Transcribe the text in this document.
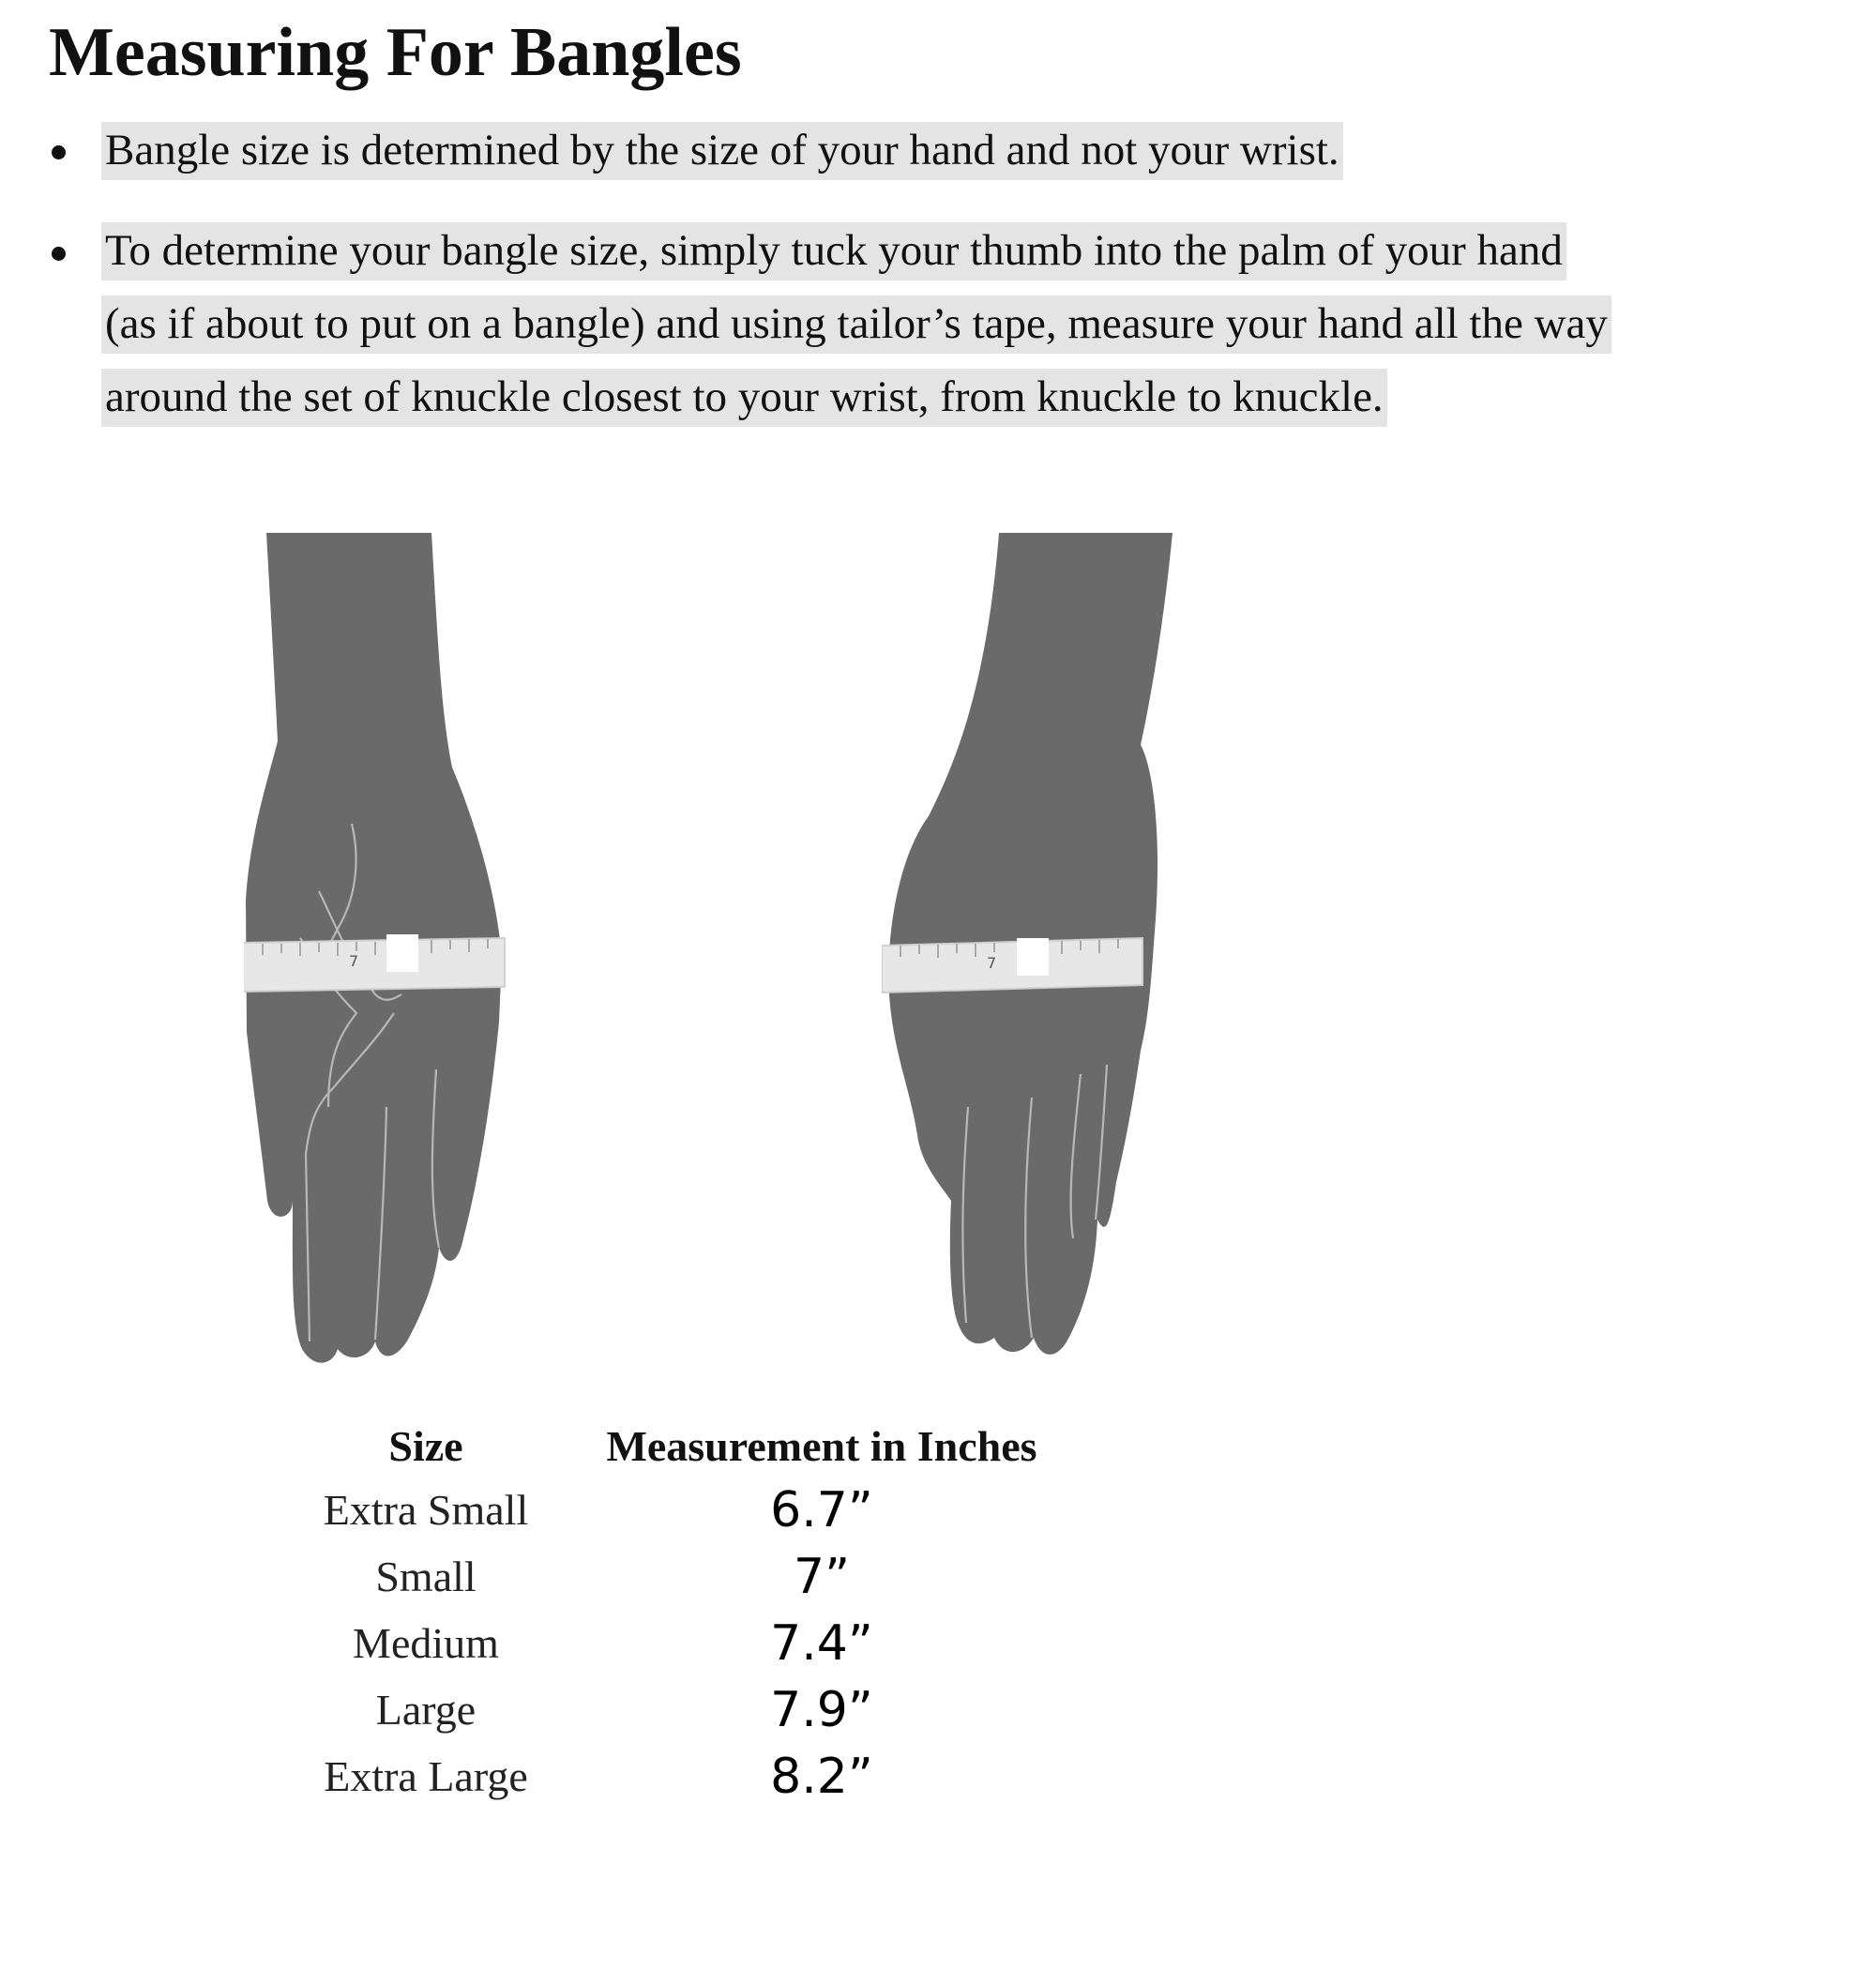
Measuring For Bangles
Bangle size is determined by the size of your hand and not your wrist.
To determine your bangle size, simply tuck your thumb into the palm of your hand
(as if about to put on a bangle) and using tailor’s tape, measure your hand all the way
around the set of knuckle closest to your wrist, from knuckle to knuckle.
7	7
Size	Measurement in Inches
Extra Small	6.7”
Small	7”
Medium	7.4”
Large	7.9”
Extra Large	8.2”
